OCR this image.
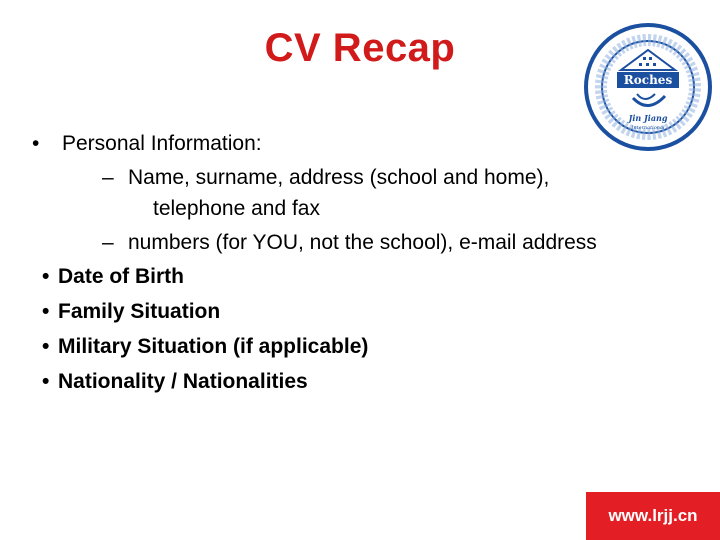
CV Recap
Roches
Jin Jiang
International
• Personal Information:
– Name, surname, address (school and home),
telephone and fax
– numbers (for YOU, not the school), e-mail address
• Date of Birth
• Family Situation
• Military Situation (if applicable)
• Nationality / Nationalities
www.lrjj.cn
